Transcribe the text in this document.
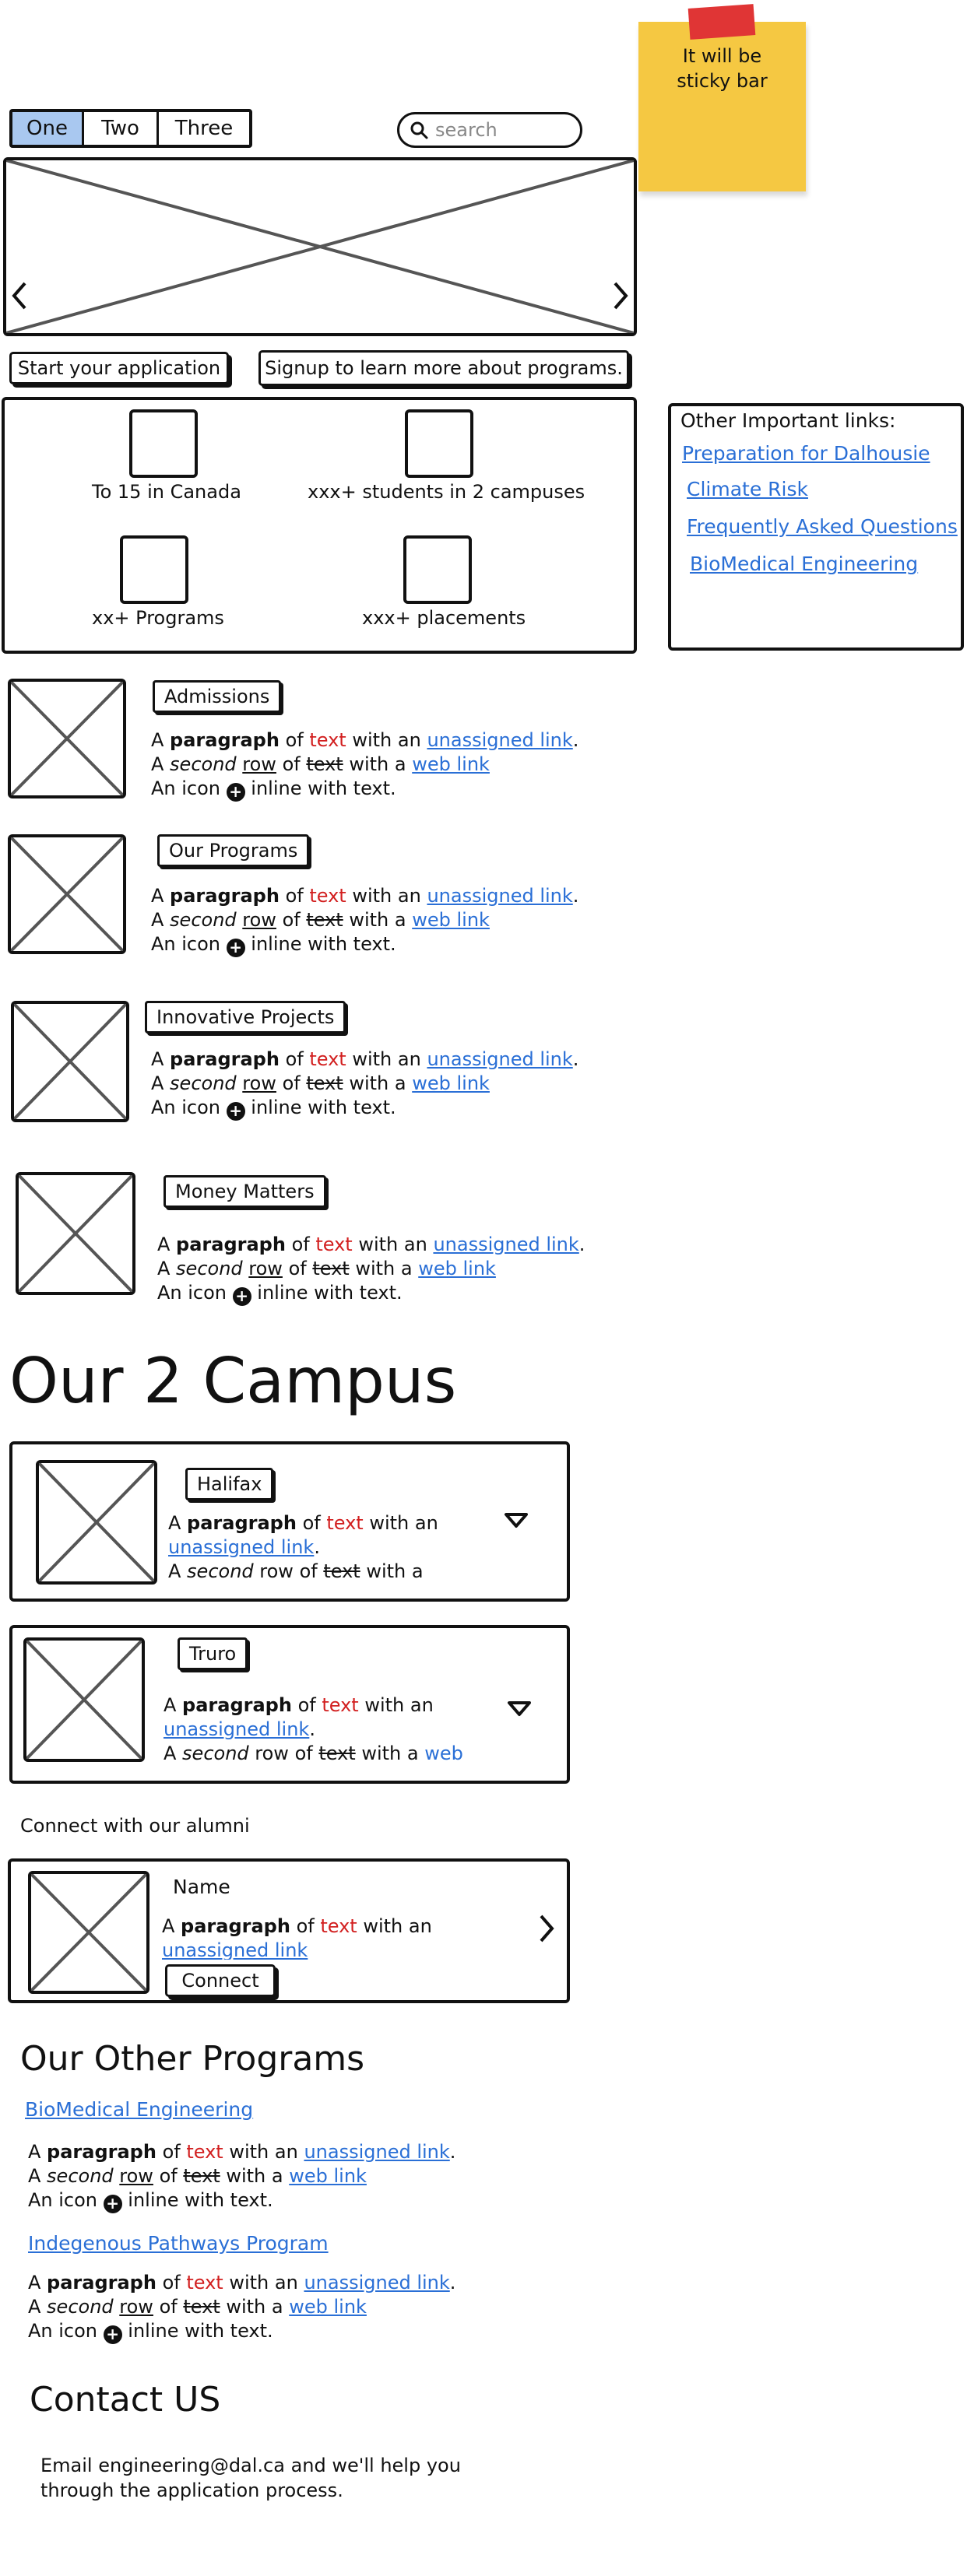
It will be sticky bar
One	Two	Three	search
Start your application	Signup to learn more about programs.
To 15 in Canada	xxx+ students in 2 campuses
xx+ Programs	xxx+ placements
Other Important links:
Preparation for Dalhousie
Climate Risk
Frequently Asked Questions
BioMedical Engineering
Admissions
A paragraph of text with an unassigned link.
A second row of text with a web link
An icon + inline with text.
Our Programs
A paragraph of text with an unassigned link.
A second row of text with a web link
An icon + inline with text.
Innovative Projects
A paragraph of text with an unassigned link.
A second row of text with a web link
An icon + inline with text.
Money Matters
A paragraph of text with an unassigned link.
A second row of text with a web link
An icon + inline with text.
Our 2 Campus
Halifax
A paragraph of text with an
unassigned link.
A second row of text with a
Truro
A paragraph of text with an
unassigned link.
A second row of text with a web
Connect with our alumni
Name
A paragraph of text with an
unassigned link
Connect
Our Other Programs
BioMedical Engineering
A paragraph of text with an unassigned link.
A second row of text with a web link
An icon + inline with text.
Indegenous Pathways Program
A paragraph of text with an unassigned link.
A second row of text with a web link
An icon + inline with text.
Contact US
Email engineering@dal.ca and we'll help you
through the application process.
